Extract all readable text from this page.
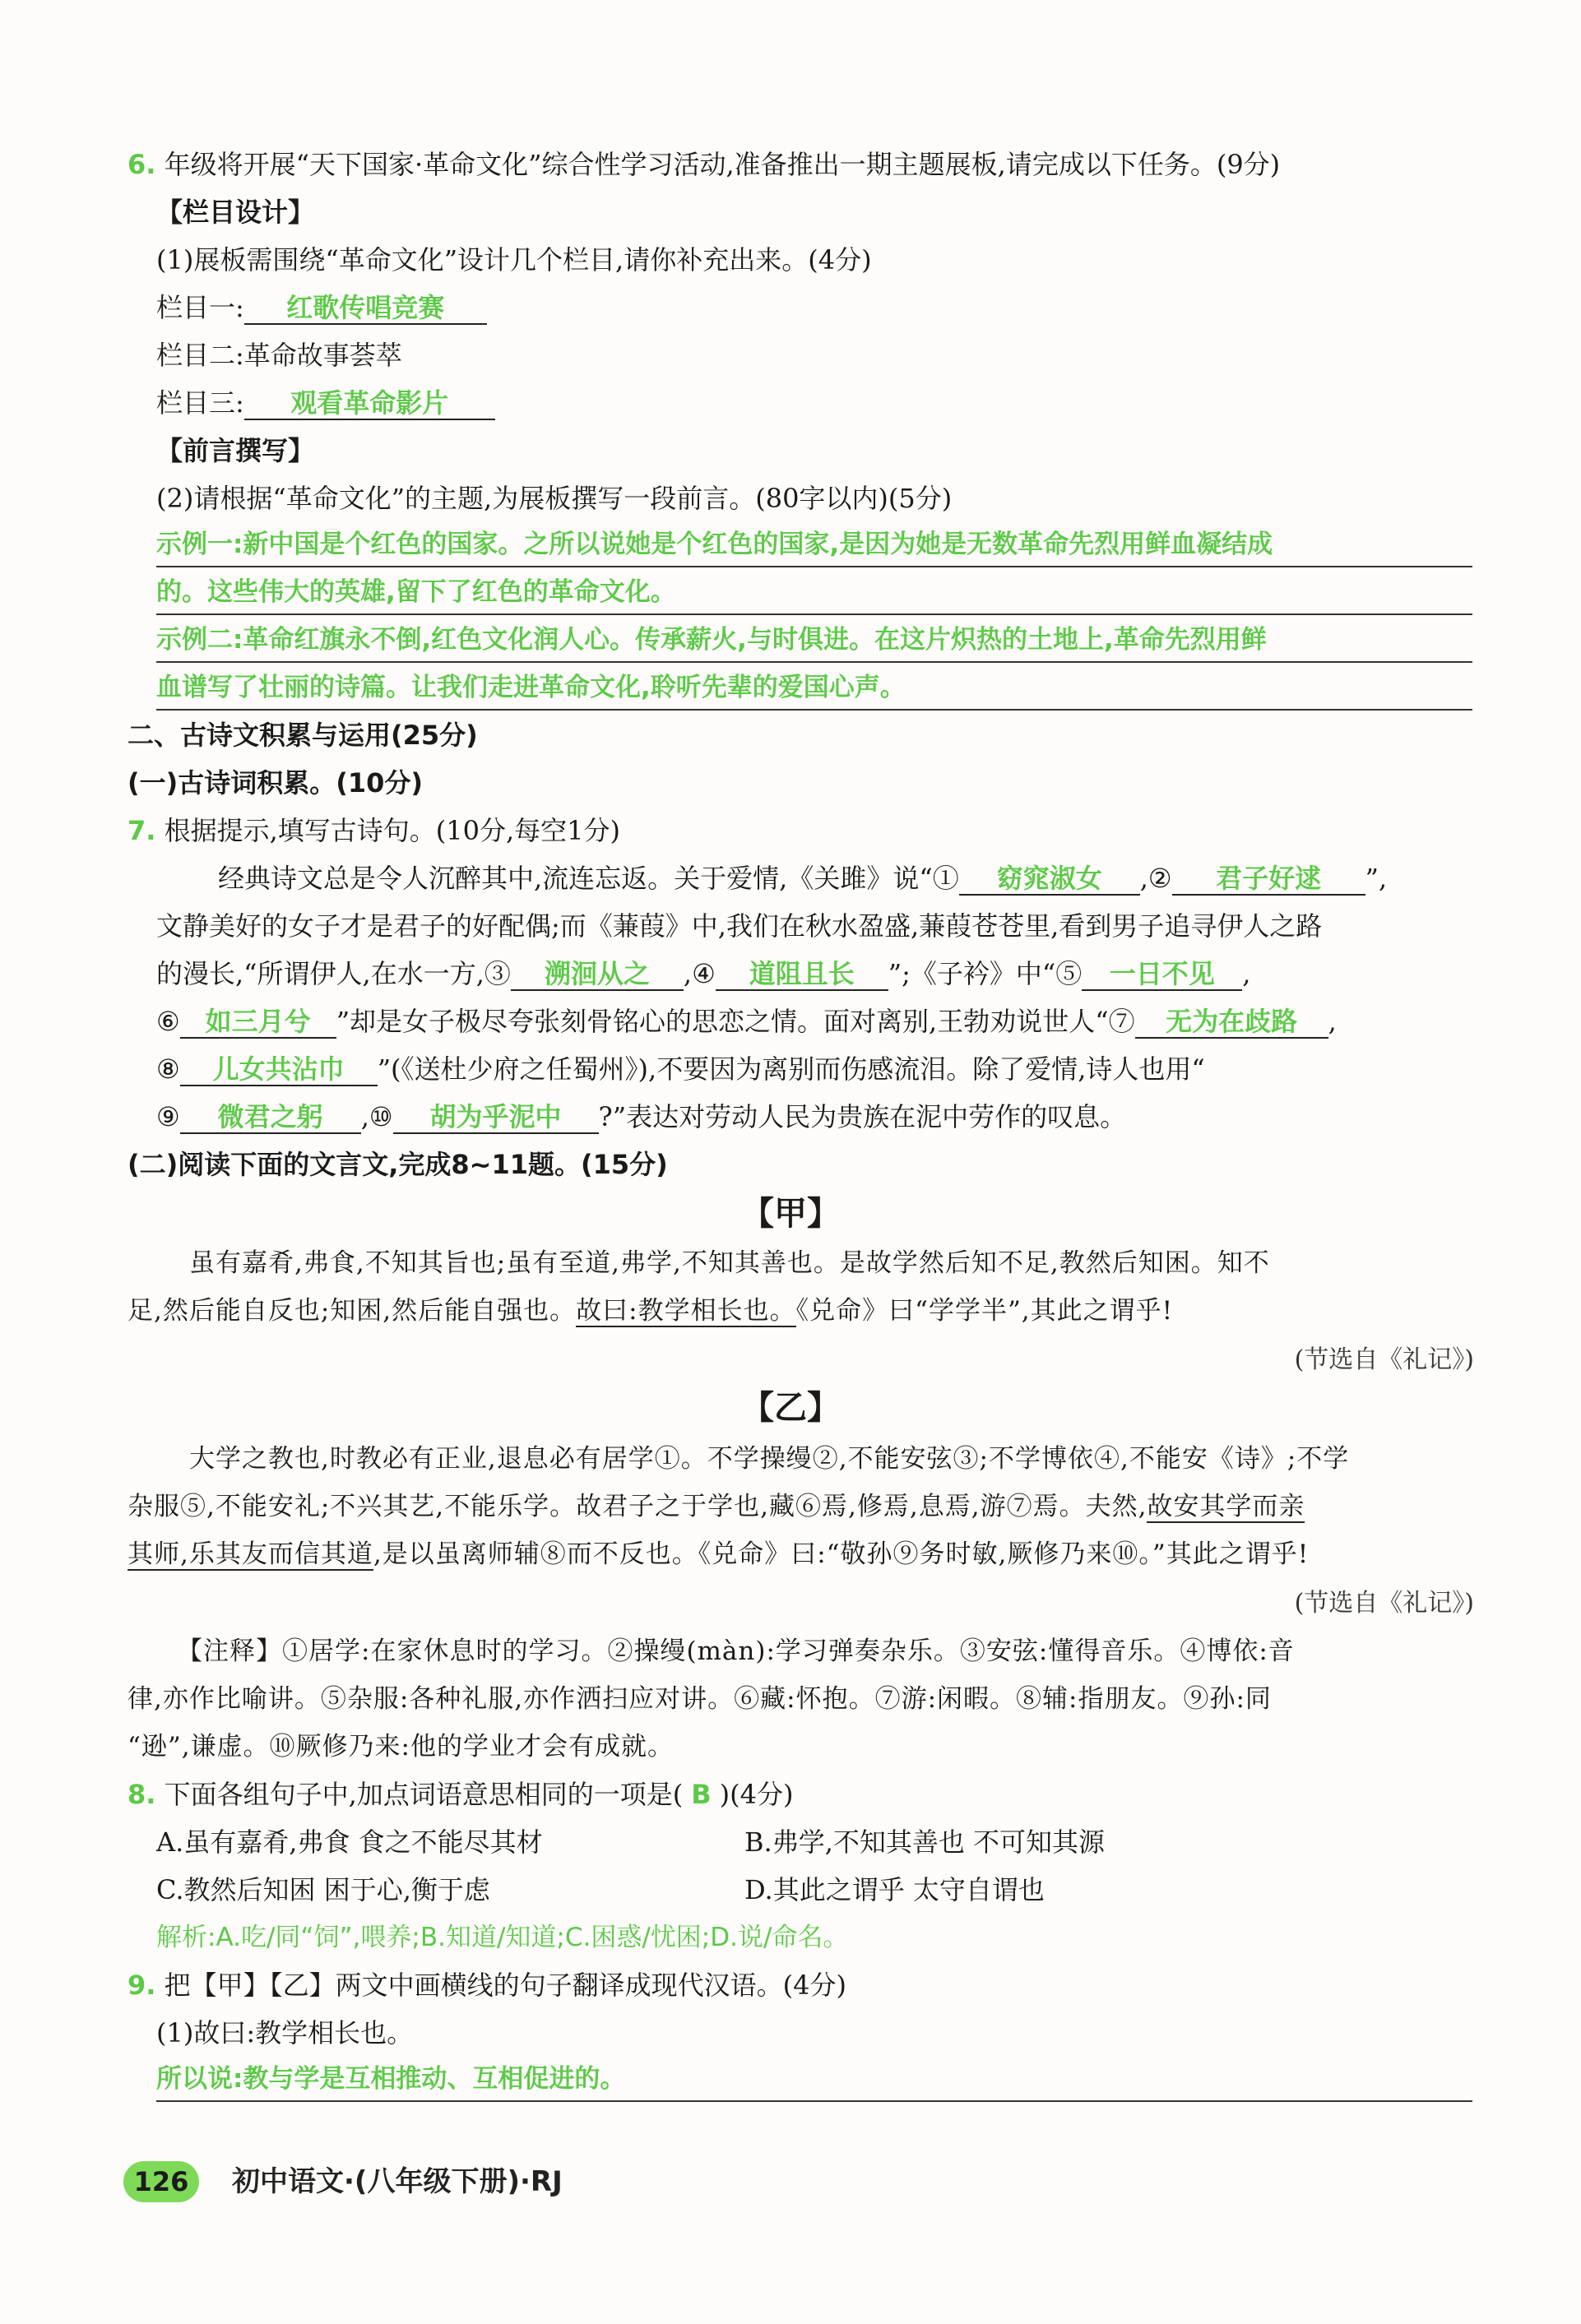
6. 年级将开展“天下国家·革命文化”综合性学习活动,准备推出一期主题展板,请完成以下任务。(9分)
【栏目设计】
(1)展板需围绕“革命文化”设计几个栏目,请你补充出来。(4分)
栏目一: 红歌传唱竞赛
栏目二:革命故事荟萃
栏目三: 观看革命影片
【前言撰写】
(2)请根据“革命文化”的主题,为展板撰写一段前言。(80字以内)(5分)
示例一:新中国是个红色的国家。之所以说她是个红色的国家,是因为她是无数革命先烈用鲜血凝结成
的。这些伟大的英雄,留下了红色的革命文化。
示例二:革命红旗永不倒,红色文化润人心。传承薪火,与时俱进。在这片炽热的土地上,革命先烈用鲜
血谱写了壮丽的诗篇。让我们走进革命文化,聆听先辈的爱国心声。
二、古诗文积累与运用(25分)
(一)古诗词积累。(10分)
7. 根据提示,填写古诗句。(10分,每空1分)
经典诗文总是令人沉醉其中,流连忘返。关于爱情,《关雎》说“① 窈窕淑女 ,② 君子好逑 ”,
文静美好的女子才是君子的好配偶;而《蒹葭》中,我们在秋水盈盛,蒹葭苍苍里,看到男子追寻伊人之路
的漫长,“所谓伊人,在水一方,③ 溯洄从之 ,④ 道阻且长 ”;《子衿》中“⑤ 一日不见 ,
⑥ 如三月兮 ”却是女子极尽夸张刻骨铭心的思恋之情。面对离别,王勃劝说世人“⑦ 无为在歧路 ,
⑧ 儿女共沾巾 ”(《送杜少府之任蜀州》),不要因为离别而伤感流泪。除了爱情,诗人也用“
⑨ 微君之躬 ,⑩ 胡为乎泥中 ?”表达对劳动人民为贵族在泥中劳作的叹息。
(二)阅读下面的文言文,完成8~11题。(15分)
【甲】
虽有嘉肴,弗食,不知其旨也;虽有至道,弗学,不知其善也。是故学然后知不足,教然后知困。知不
足,然后能自反也;知困,然后能自强也。故曰:教学相长也。《兑命》曰“学学半”,其此之谓乎!
(节选自《礼记》)
【乙】
大学之教也,时教必有正业,退息必有居学①。不学操缦②,不能安弦③;不学博依④,不能安《诗》;不学
杂服⑤,不能安礼;不兴其艺,不能乐学。故君子之于学也,藏⑥焉,修焉,息焉,游⑦焉。夫然,故安其学而亲
其师,乐其友而信其道,是以虽离师辅⑧而不反也。《兑命》曰:“敬孙⑨务时敏,厥修乃来⑩。”其此之谓乎!
(节选自《礼记》)
【注释】①居学:在家休息时的学习。②操缦(màn):学习弹奏杂乐。③安弦:懂得音乐。④博依:音
律,亦作比喻讲。⑤杂服:各种礼服,亦作洒扫应对讲。⑥藏:怀抱。⑦游:闲暇。⑧辅:指朋友。⑨孙:同
“逊”,谦虚。⑩厥修乃来:他的学业才会有成就。
8. 下面各组句子中,加点词语意思相同的一项是( B )(4分)
A.虽有嘉肴,弗食 食之不能尽其材	B.弗学,不知其善也 不可知其源
C.教然后知困 困于心,衡于虑	D.其此之谓乎 太守自谓也
解析:A.吃/同“饲”,喂养;B.知道/知道;C.困惑/忧困;D.说/命名。
9. 把【甲】【乙】两文中画横线的句子翻译成现代汉语。(4分)
(1)故曰:教学相长也。
所以说:教与学是互相推动、互相促进的。
126	初中语文·(八年级下册)·RJ
